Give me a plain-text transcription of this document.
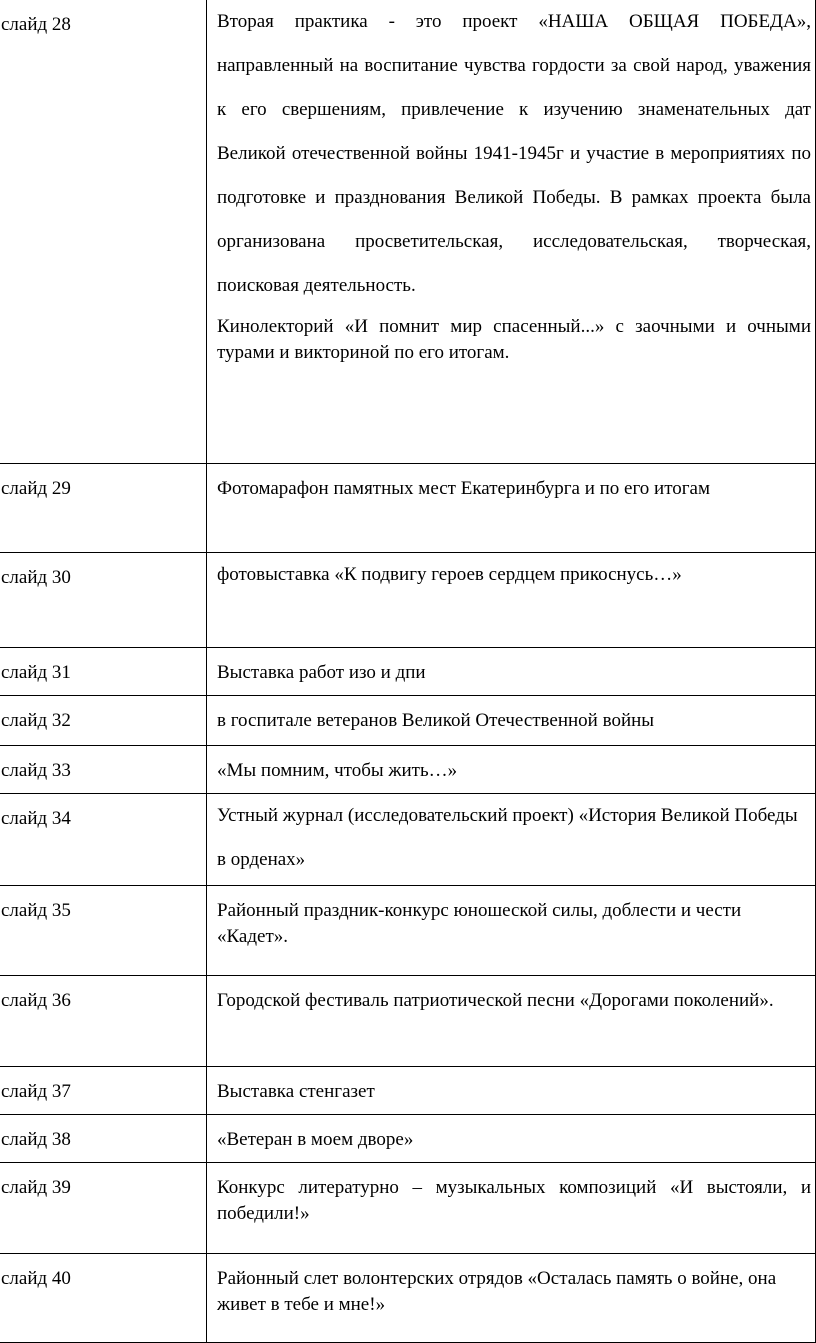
слайд 28	Вторая практика - это проект «НАША ОБЩАЯ ПОБЕДА», направленный на воспитание чувства гордости за свой народ, уважения к его свершениям, привлечение к изучению знаменательных дат Великой отечественной войны 1941-1945г и участие в мероприятиях по подготовке и празднования Великой Победы. В рамках проекта была организована просветительская, исследовательская, творческая, поисковая деятельность.

Кинолекторий «И помнит мир спасенный...» с заочными и очными турами и викториной по его итогам.

слайд 29	Фотомарафон памятных мест Екатеринбурга и по его итогам

слайд 30	фотовыставка «К подвигу героев сердцем прикоснусь…»

слайд 31	Выставка работ изо и дпи

слайд 32	в госпитале ветеранов Великой Отечественной войны

слайд 33	«Мы помним, чтобы жить…»

слайд 34	Устный журнал (исследовательский проект) «История Великой Победы в орденах»

слайд 35	Районный праздник-конкурс юношеской силы, доблести и чести «Кадет».

слайд 36	Городской фестиваль патриотической песни «Дорогами поколений».

слайд 37	Выставка стенгазет

слайд 38	«Ветеран в моем дворе»

слайд 39	Конкурс литературно – музыкальных композиций «И выстояли, и победили!»

слайд 40	Районный слет волонтерских отрядов «Осталась память о войне, она живет в тебе и мне!»
